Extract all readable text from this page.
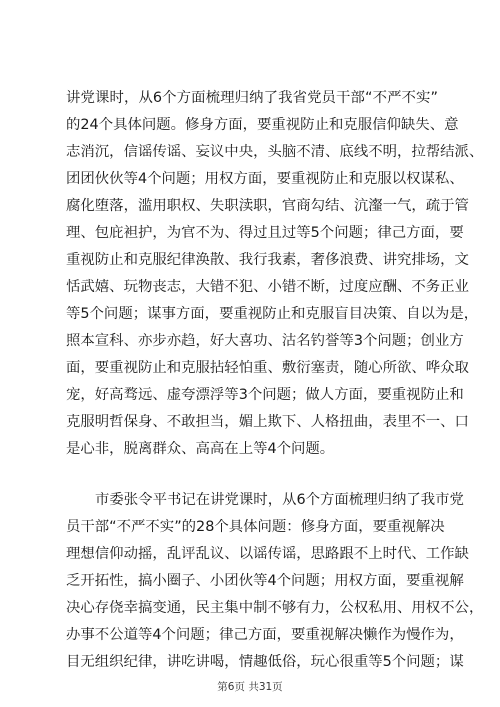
讲党课时，从6个方面梳理归纳了我省党员干部“不严不实”
的24个具体问题。修身方面，要重视防止和克服信仰缺失、意
志消沉，信谣传谣、妄议中央，头脑不清、底线不明，拉帮结派、
团团伙伙等4个问题；用权方面，要重视防止和克服以权谋私、
腐化堕落，滥用职权、失职渎职，官商勾结、沆瀣一气，疏于管
理、包庇袒护，为官不为、得过且过等5个问题；律己方面，要
重视防止和克服纪律涣散、我行我素，奢侈浪费、讲究排场，文
恬武嬉、玩物丧志，大错不犯、小错不断，过度应酬、不务正业
等5个问题；谋事方面，要重视防止和克服盲目决策、自以为是，
照本宣科、亦步亦趋，好大喜功、沽名钓誉等3个问题；创业方
面，要重视防止和克服拈轻怕重、敷衍塞责，随心所欲、哗众取
宠，好高骛远、虚夸漂浮等3个问题；做人方面，要重视防止和
克服明哲保身、不敢担当，媚上欺下、人格扭曲，表里不一、口
是心非，脱离群众、高高在上等4个问题。
市委张令平书记在讲党课时，从6个方面梳理归纳了我市党
员干部“不严不实”的28个具体问题：修身方面，要重视解决
理想信仰动摇，乱评乱议、以谣传谣，思路跟不上时代、工作缺
乏开拓性，搞小圈子、小团伙等4个问题；用权方面，要重视解
决心存侥幸搞变通，民主集中制不够有力，公权私用、用权不公，
办事不公道等4个问题；律己方面，要重视解决懒作为慢作为，
目无组织纪律，讲吃讲喝，情趣低俗，玩心很重等5个问题；谋
第6页 共31页
